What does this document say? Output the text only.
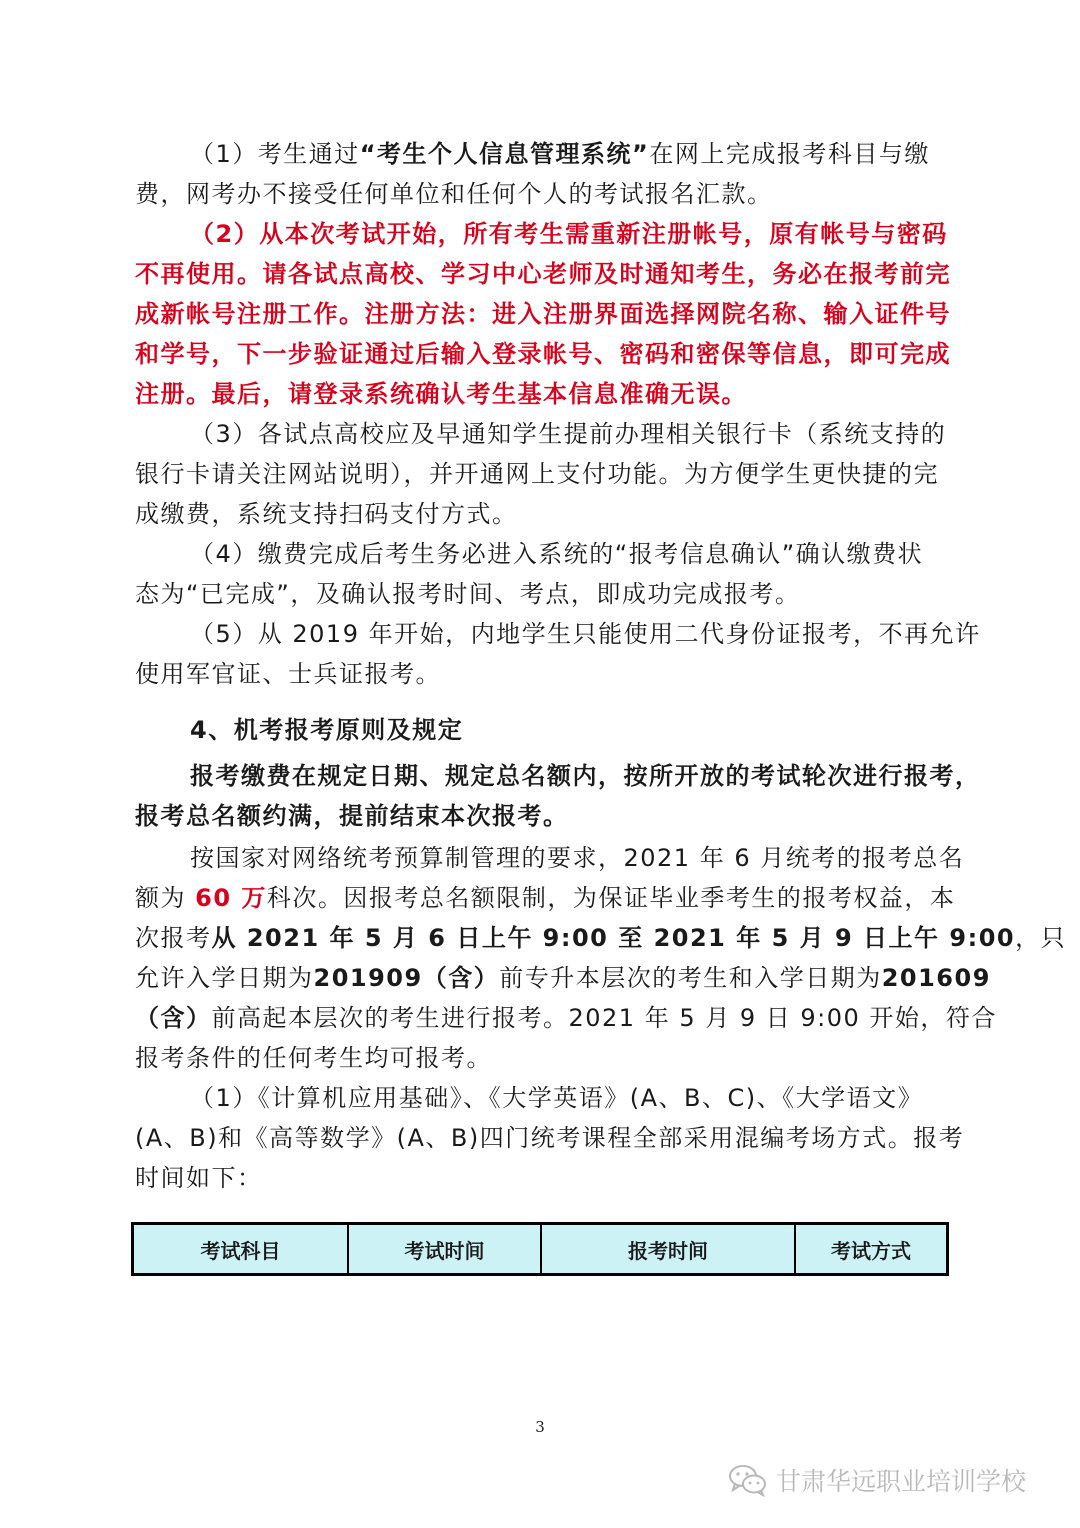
（1）考生通过“考生个人信息管理系统”在网上完成报考科目与缴
费，网考办不接受任何单位和任何个人的考试报名汇款。
（2）从本次考试开始，所有考生需重新注册帐号，原有帐号与密码
不再使用。请各试点高校、学习中心老师及时通知考生，务必在报考前完
成新帐号注册工作。注册方法：进入注册界面选择网院名称、输入证件号
和学号，下一步验证通过后输入登录帐号、密码和密保等信息，即可完成
注册。最后，请登录系统确认考生基本信息准确无误。
（3）各试点高校应及早通知学生提前办理相关银行卡（系统支持的
银行卡请关注网站说明），并开通网上支付功能。为方便学生更快捷的完
成缴费，系统支持扫码支付方式。
（4）缴费完成后考生务必进入系统的“报考信息确认”确认缴费状
态为“已完成”，及确认报考时间、考点，即成功完成报考。
（5）从 2019 年开始，内地学生只能使用二代身份证报考，不再允许
使用军官证、士兵证报考。
4、机考报考原则及规定
报考缴费在规定日期、规定总名额内，按所开放的考试轮次进行报考，
报考总名额约满，提前结束本次报考。
按国家对网络统考预算制管理的要求，2021 年 6 月统考的报考总名
额为 60 万科次。因报考总名额限制，为保证毕业季考生的报考权益，本
次报考从 2021 年 5 月 6 日上午 9:00 至 2021 年 5 月 9 日上午 9:00，只
允许入学日期为201909（含）前专升本层次的考生和入学日期为201609
（含）前高起本层次的考生进行报考。2021 年 5 月 9 日 9:00 开始，符合
报考条件的任何考生均可报考。
（1）《计算机应用基础》、《大学英语》(A、B、C)、《大学语文》
(A、B)和《高等数学》(A、B)四门统考课程全部采用混编考场方式。报考
时间如下：
考试科目	考试时间	报考时间	考试方式
3
甘肃华远职业培训学校
